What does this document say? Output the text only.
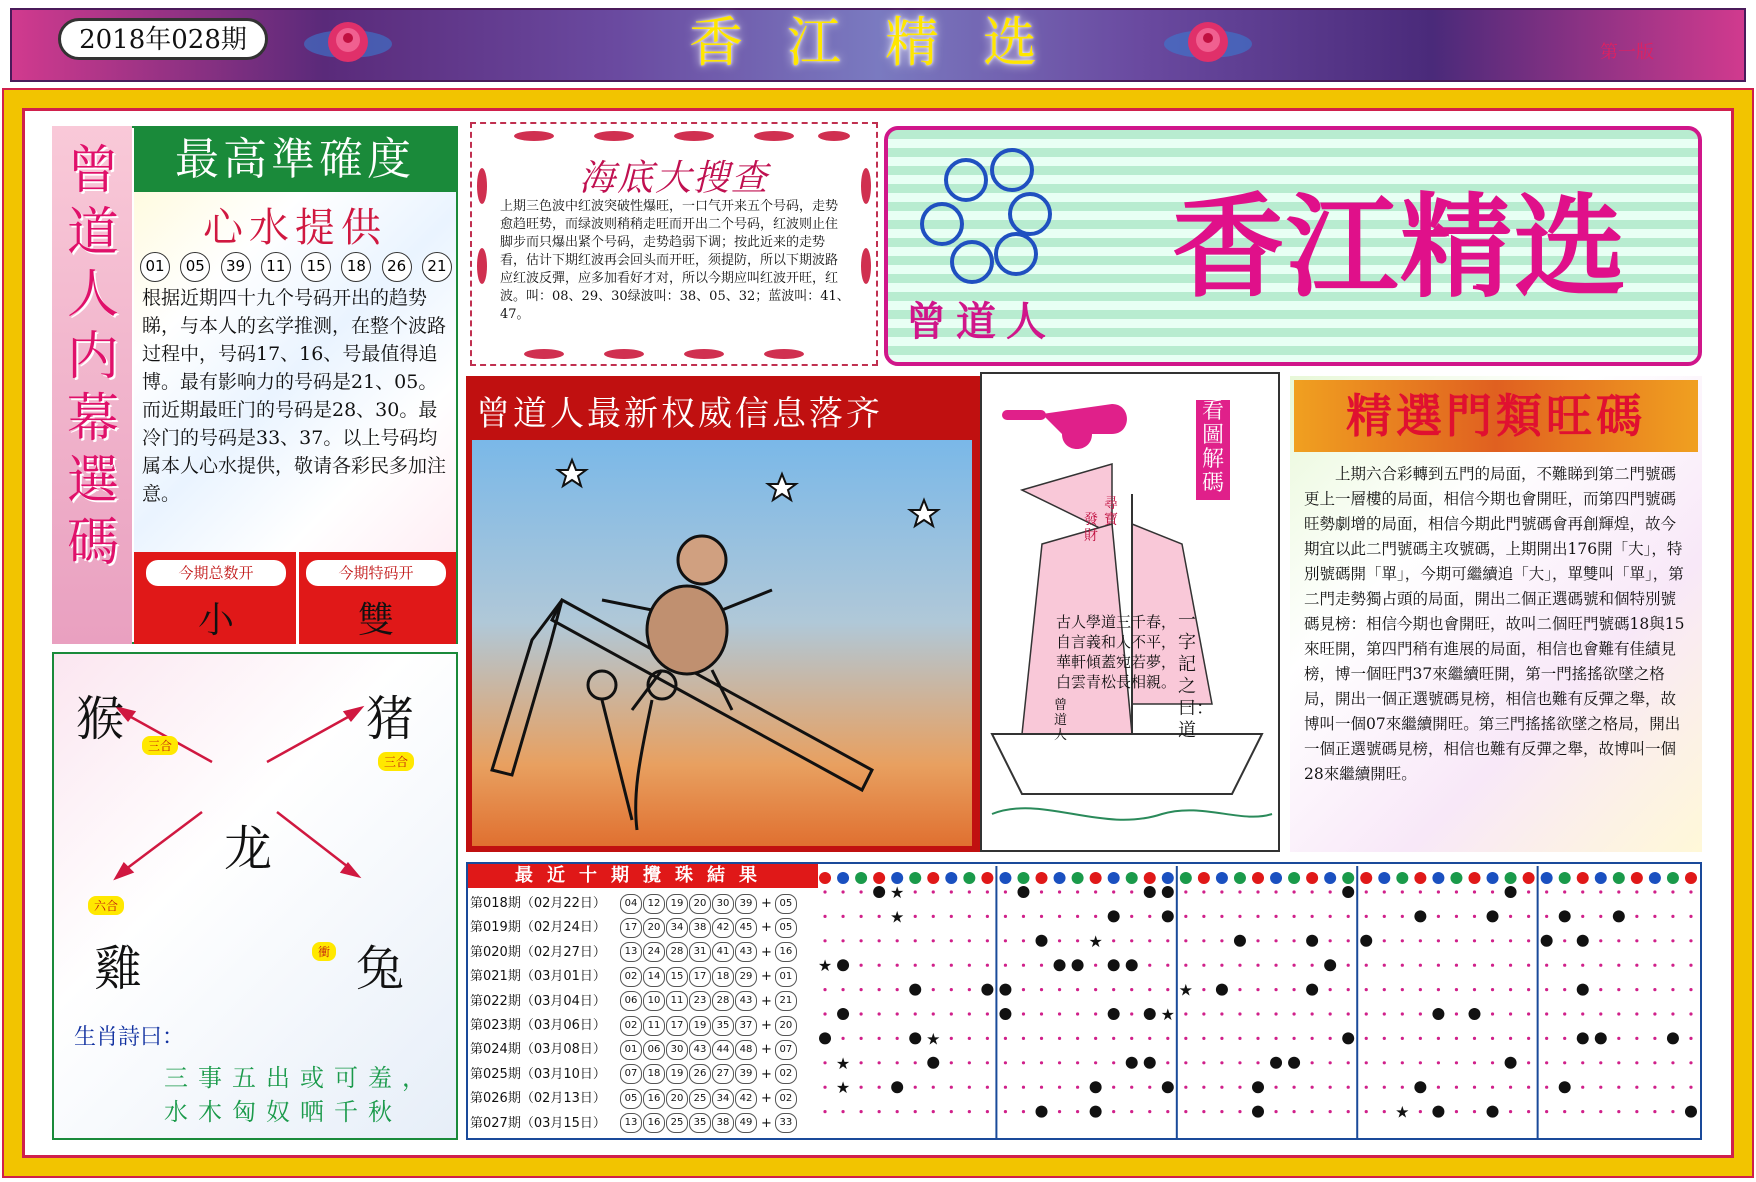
2018年028期	香江精选	第一版
曾道人内幕選碼
最高準確度
心水提供
01	05	39	11	15	18	26	21
根据近期四十九个号码开出的趋势睇，与本人的玄学推测，在整个波路过程中，号码17、16、号最值得追博。最有影响力的号码是21、05。而近期最旺门的号码是28、30。最冷门的号码是33、37。以上号码均属本人心水提供，敬请各彩民多加注意。
今期总数开
小
今期特码开
雙
猴	猪
龙
雞	兔
三合
三合
六合
衝
生肖詩曰：
三事五出或可羞，
水木匈奴哂千秋
海底大搜查
上期三色波中红波突破性爆旺，一口气开来五个号码，走势愈趋旺势，而绿波则稍稍走旺而开出二个号码，红波则止住脚步而只爆出紧个号码，走势趋弱下调；按此近来的走势看，估计下期红波再会回头而开旺，须提防，所以下期波路应红波反彈，应多加看好才对，所以今期应叫红波开旺，红波。叫：08、29、30绿波叫：38、05、32；蓝波叫：41、47。
香江精选
曾道人
曾道人最新权威信息落齐	看圖解碼
尋寶
發財
一字記之曰：道
古人學道三千春，自言義和人不平，華軒傾蓋宛若夢，白雲青松長相親。
曾道人
精選門類旺碼
上期六合彩轉到五門的局面，不難睇到第二門號碼更上一層樓的局面，相信今期也會開旺，而第四門號碼旺勢劇增的局面，相信今期此門號碼會再創輝煌，故今期宜以此二門號碼主攻號碼，上期開出176開「大」，特別號碼開「單」，今期可繼續追「大」，單雙叫「單」，第二門走勢獨占頭的局面，開出二個正選碼號和個特別號碼見榜：相信今期也會開旺，故叫二個旺門號碼18與15來旺開，第四門稍有進展的局面，相信也會難有佳績見榜，博一個旺門37來繼續旺開，第一門搖搖欲墜之格局，開出一個正選號碼見榜，相信也難有反彈之舉，故博叫一個07來繼續開旺。第三門搖搖欲墜之格局，開出一個正選號碼見榜，相信也難有反彈之舉，故博叫一個28來繼續開旺。
最近十期攪珠結果
第018期（02月22日） 04 12 19 20 30 39 + 05
第019期（02月24日） 17 20 34 38 42 45 + 05
第020期（02月27日） 13 24 28 31 41 43 + 16
第021期（03月01日） 02 14 15 17 18 29 + 01
第022期（03月04日） 06 10 11 23 28 43 + 21
第023期（03月06日） 02 11 17 19 35 37 + 20
第024期（03月08日） 01 06 30 43 44 48 + 07
第025期（03月10日） 07 18 19 26 27 39 + 02
第026期（02月13日） 05 16 20 25 34 42 + 02
第027期（03月15日） 13 16 25 35 38 49 + 33
★
★
★
★
★
★
★
★
★
★
